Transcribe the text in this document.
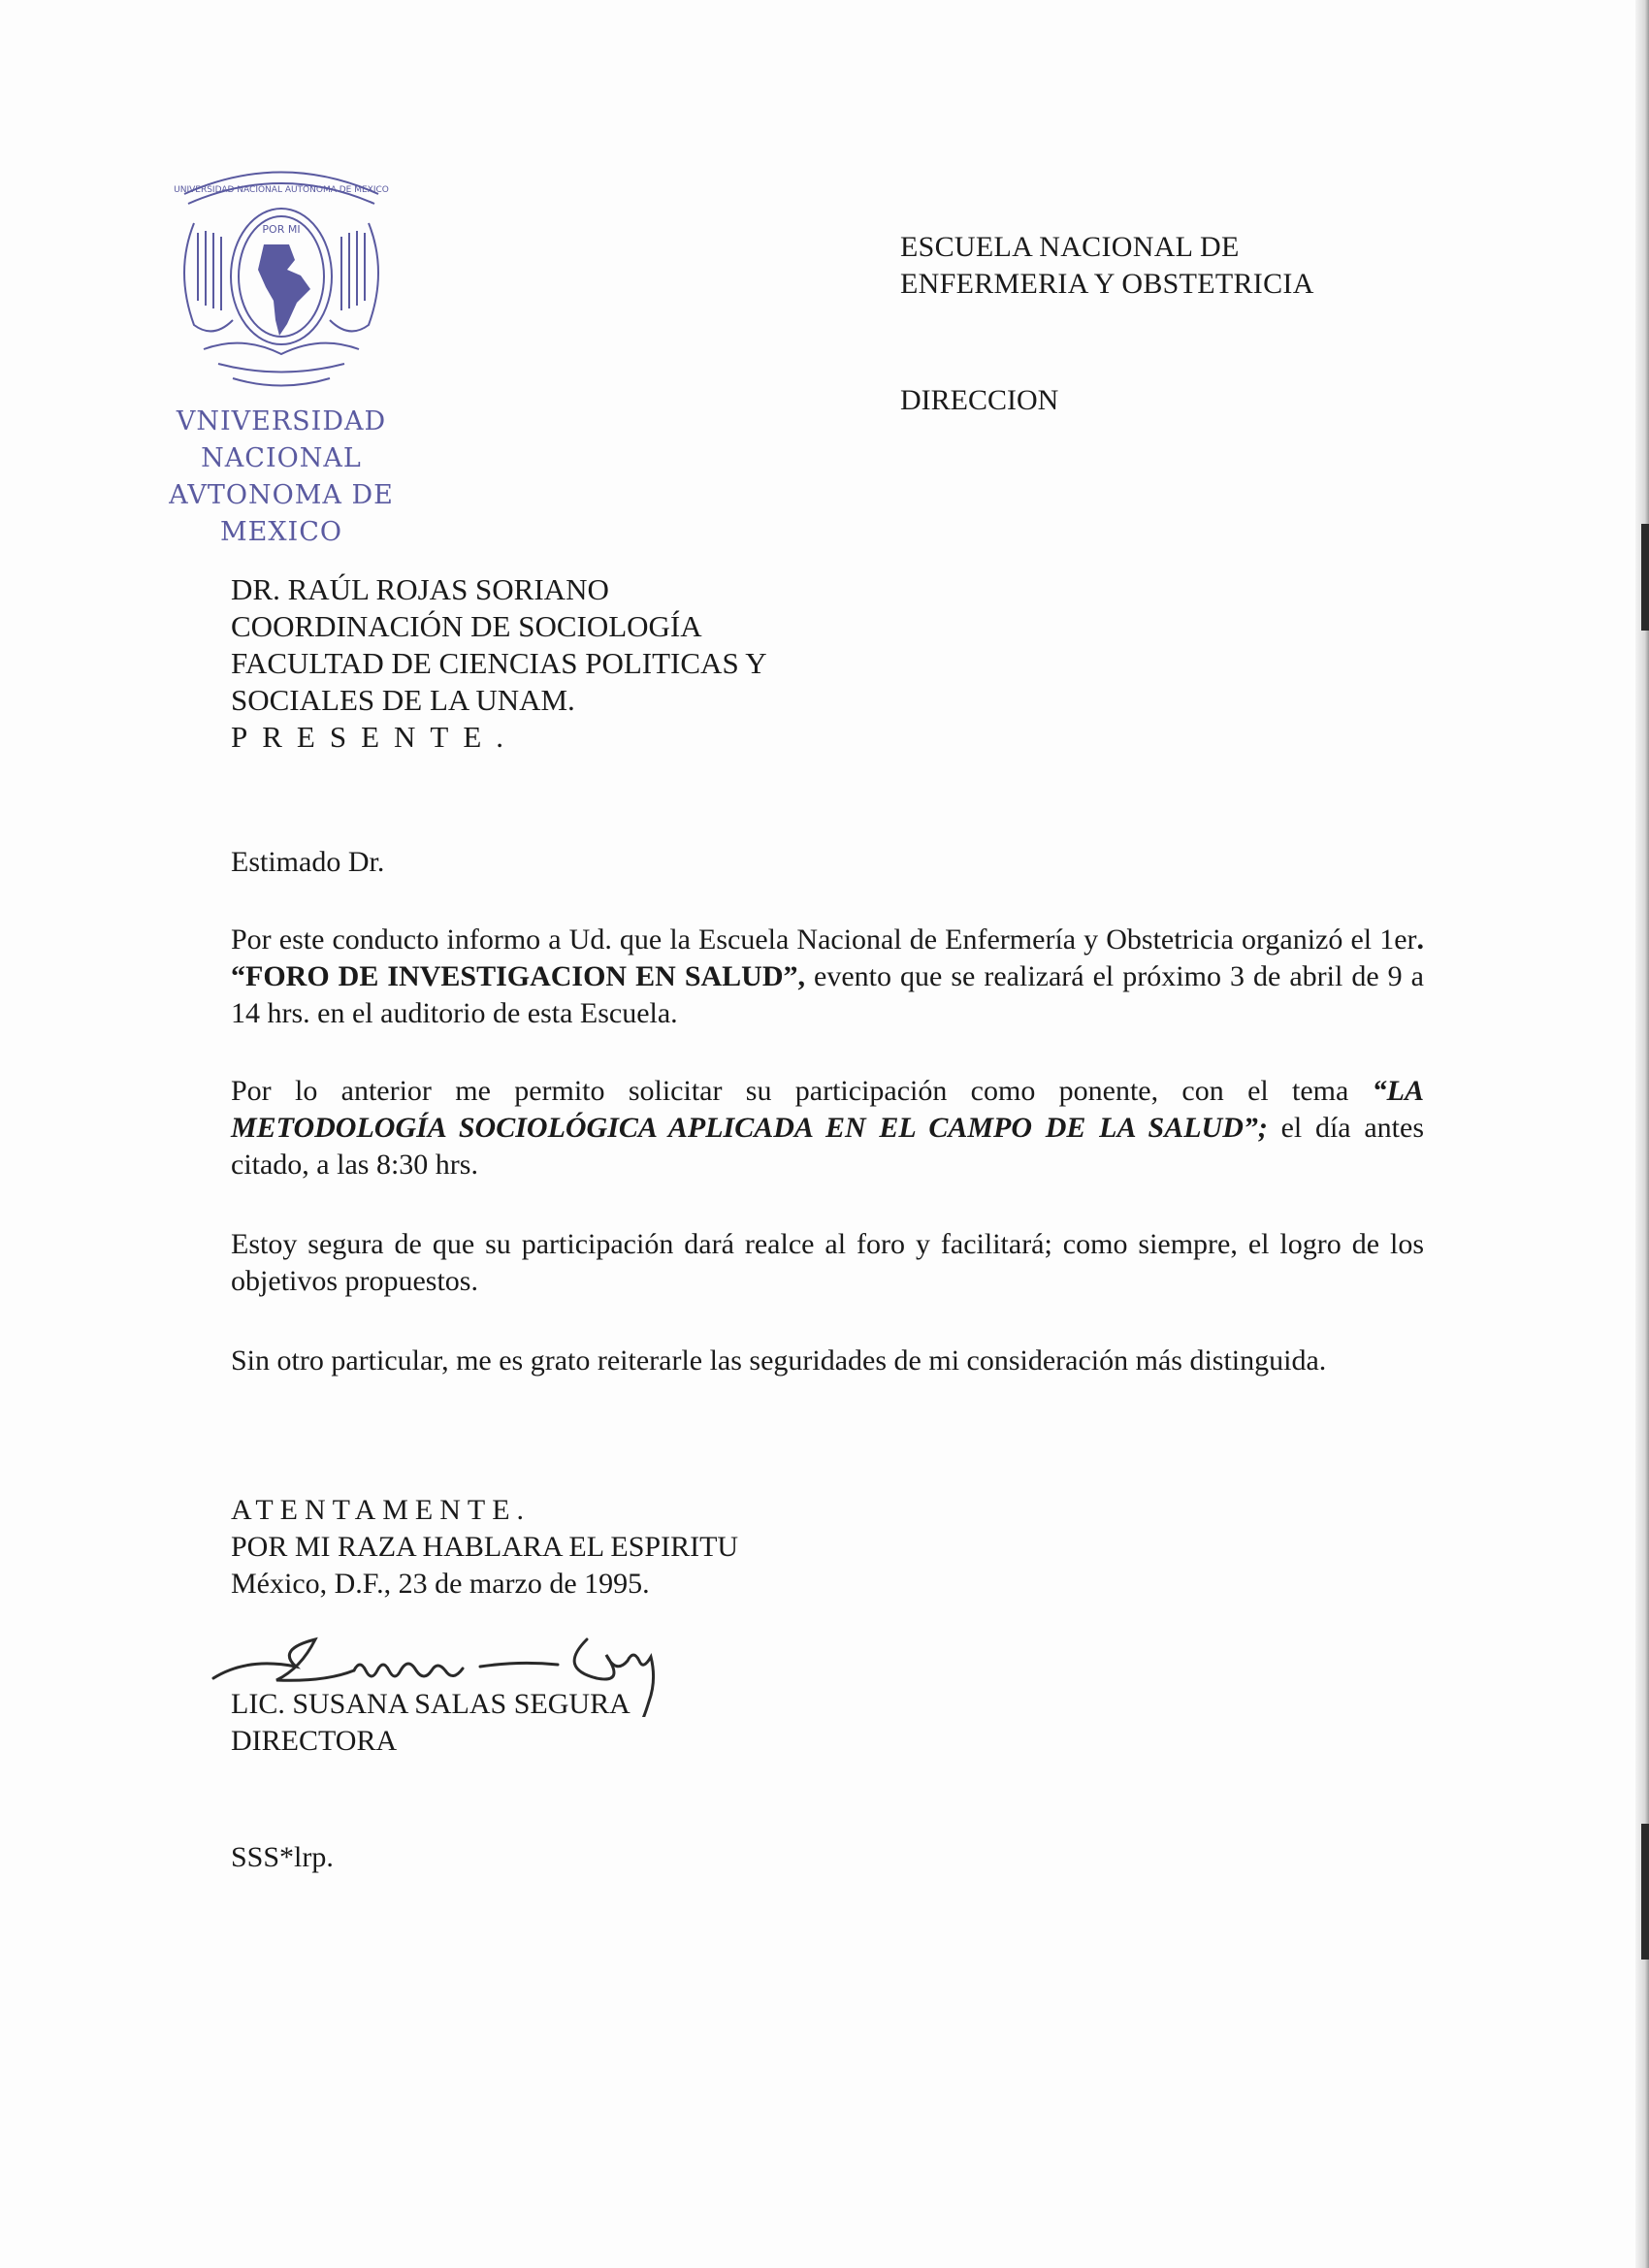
UNIVERSIDAD NACIONAL AUTONOMA DE MEXICO
POR MI
VNIVERSIDAD NACIONAL
AVTONOMA DE
MEXICO
ESCUELA NACIONAL DE
ENFERMERIA Y OBSTETRICIA
DIRECCION
DR. RAÚL ROJAS SORIANO
COORDINACIÓN DE SOCIOLOGÍA
FACULTAD DE CIENCIAS POLITICAS Y
SOCIALES DE LA UNAM.
PRESENTE.
Estimado Dr.

Por este conducto informo a Ud. que la Escuela Nacional de Enfermería y Obstetricia organizó el 1er. “FORO DE INVESTIGACION EN SALUD”, evento que se realizará el próximo 3 de abril de 9 a 14 hrs. en el auditorio de esta Escuela.

Por lo anterior me permito solicitar su participación como ponente, con el tema “LA METODOLOGÍA SOCIOLÓGICA APLICADA EN EL CAMPO DE LA SALUD”; el día antes citado, a las 8:30 hrs.

Estoy segura de que su participación dará realce al foro y facilitará; como siempre, el logro de los objetivos propuestos.

Sin otro particular, me es grato reiterarle las seguridades de mi consideración más distinguida.

ATENTAMENTE.
POR MI RAZA HABLARA EL ESPIRITU
México, D.F., 23 de marzo de 1995.
LIC. SUSANA SALAS SEGURA
DIRECTORA
SSS*lrp.
